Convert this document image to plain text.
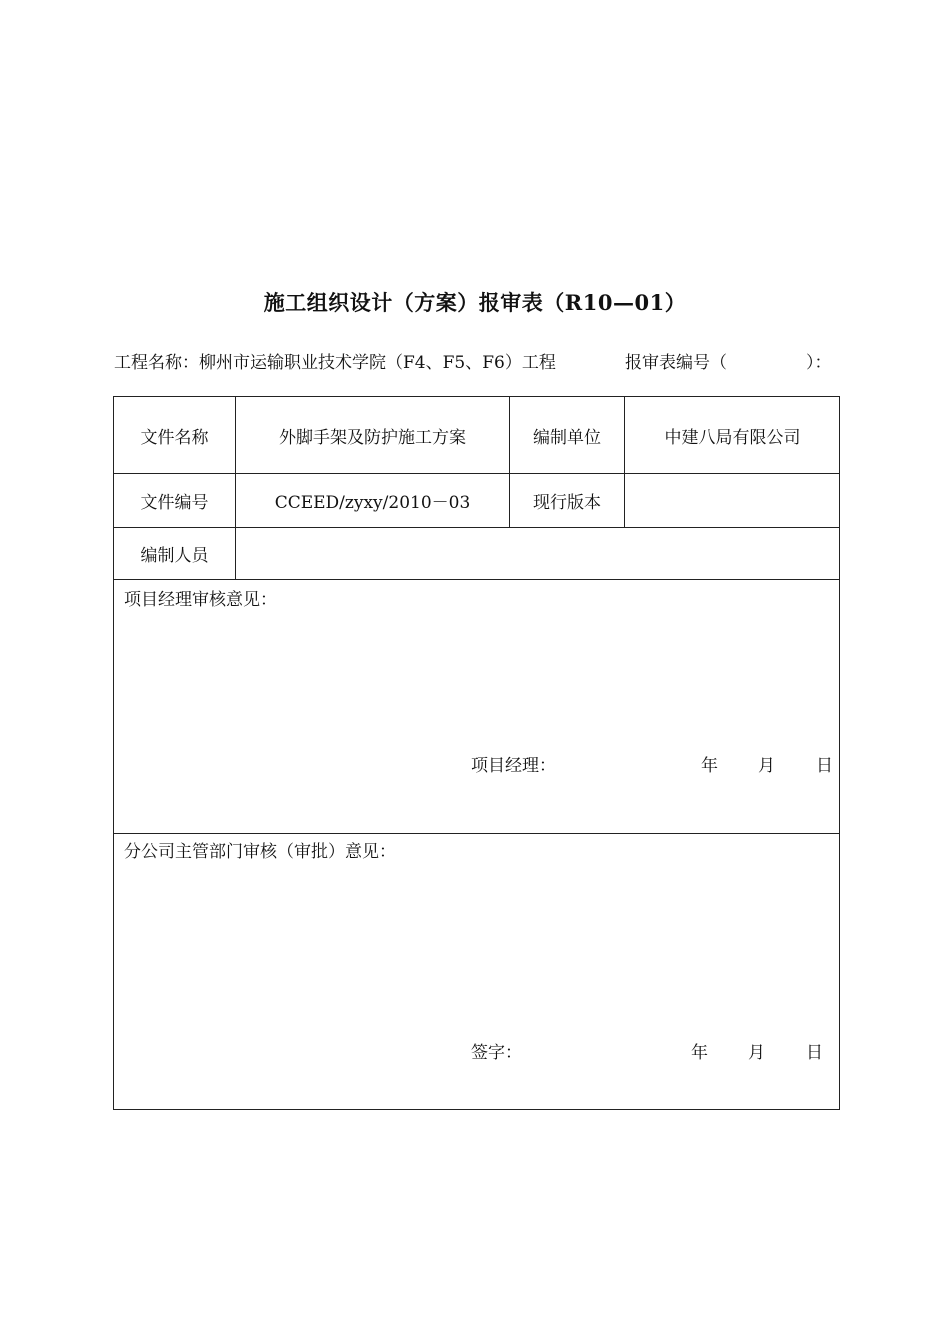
施工组织设计（方案）报审表（R10—01）
工程名称：柳州市运输职业技术学院（F4、F5、F6）工程	报审表编号（	）：
文件名称	外脚手架及防护施工方案	编制单位	中建八局有限公司
文件编号	CCEED/zyxy/2010－03	现行版本
编制人员
项目经理审核意见：
项目经理：	年 月 日
分公司主管部门审核（审批）意见：
签字：	年 月 日
